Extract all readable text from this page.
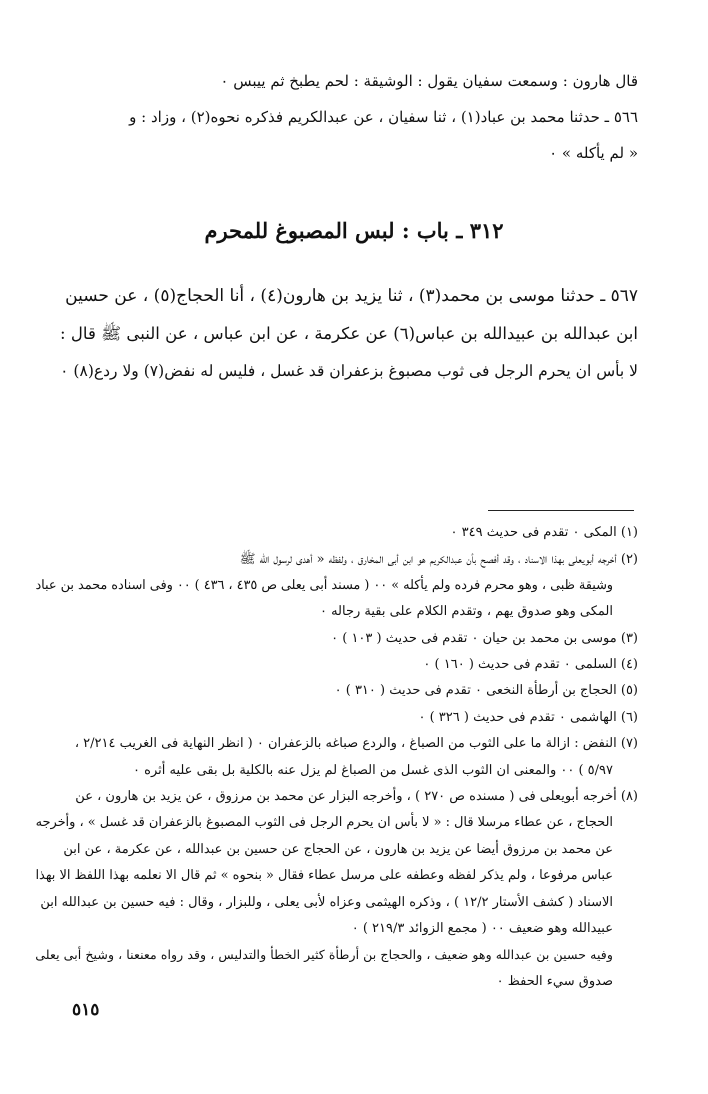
قال هارون : وسمعت سفيان يقول : الوشيقة : لحم يطبخ ثم ييبس ٠
٥٦٦ ـ حدثنا محمد بن عباد(١) ، ثنا سفيان ، عن عبدالكريم فذكره نحوه(٢) ، وزاد : و
« لم يأكله » ٠
٣١٢ ـ باب : لبس المصبوغ للمحرم
٥٦٧ ـ حدثنا موسى بن محمد(٣) ، ثنا يزيد بن هارون(٤) ، أنا الحجاج(٥) ، عن حسين
ابن عبدالله بن عبيدالله بن عباس(٦) عن عكرمة ، عن ابن عباس ، عن النبى ﷺ قال :
لا بأس ان يحرم الرجل فى ثوب مصبوغ بزعفران قد غسل ، فليس له نفض(٧) ولا ردع(٨) ٠
(١) المكى ٠ تقدم فى حديث ٣٤٩ ٠
(٢) أخرجه أبويعلى بهذا الاسناد ، وقد أفصح بأن عبدالكريم هو ابن أبى المخارق ، ولفظه « أهدى لرسول الله ﷺ
وشيقة ظبى ، وهو محرم فرده ولم يأكله » ٠٠ ( مسند أبى يعلى ص ٤٣٥ ، ٤٣٦ ) ٠٠ وفى اسناده محمد بن عباد
المكى وهو صدوق يهم ، وتقدم الكلام على بقية رجاله ٠
(٣) موسى بن محمد بن حيان ٠ تقدم فى حديث ( ١٠٣ ) ٠
(٤) السلمى ٠ تقدم فى حديث ( ١٦٠ ) ٠
(٥) الحجاج بن أرطأة النخعى ٠ تقدم فى حديث ( ٣١٠ ) ٠
(٦) الهاشمى ٠ تقدم فى حديث ( ٣٢٦ ) ٠
(٧) النفض : ازالة ما على الثوب من الصباغ ، والردع صباغه بالزعفران ٠ ( انظر النهاية فى الغريب ٢/٢١٤ ،
٥/٩٧ ) ٠٠ والمعنى ان الثوب الذى غسل من الصباغ لم يزل عنه بالكلية بل بقى عليه أثره ٠
(٨) أخرجه أبويعلى فى ( مسنده ص ٢٧٠ ) ، وأخرجه البزار عن محمد بن مرزوق ، عن يزيد بن هارون ، عن
الحجاج ، عن عطاء مرسلا قال : « لا بأس ان يحرم الرجل فى الثوب المصبوغ بالزعفران قد غسل » ، وأخرجه
عن محمد بن مرزوق أيضا عن يزيد بن هارون ، عن الحجاج عن حسين بن عبدالله ، عن عكرمة ، عن ابن
عباس مرفوعا ، ولم يذكر لفظه وعطفه على مرسل عطاء فقال « بنحوه » ثم قال الا نعلمه بهذا اللفظ الا بهذا
الاسناد ( كشف الأستار ١٢/٢ ) ، وذكره الهيثمى وعزاه لأبى يعلى ، وللبزار ، وقال : فيه حسين بن عبدالله ابن
عبيدالله وهو ضعيف ٠٠ ( مجمع الزوائد ٢١٩/٣ ) ٠
وفيه حسين بن عبدالله وهو ضعيف ، والحجاج بن أرطأة كثير الخطأ والتدليس ، وقد رواه معنعنا ، وشيخ أبى يعلى
صدوق سيء الحفظ ٠
٥١٥
